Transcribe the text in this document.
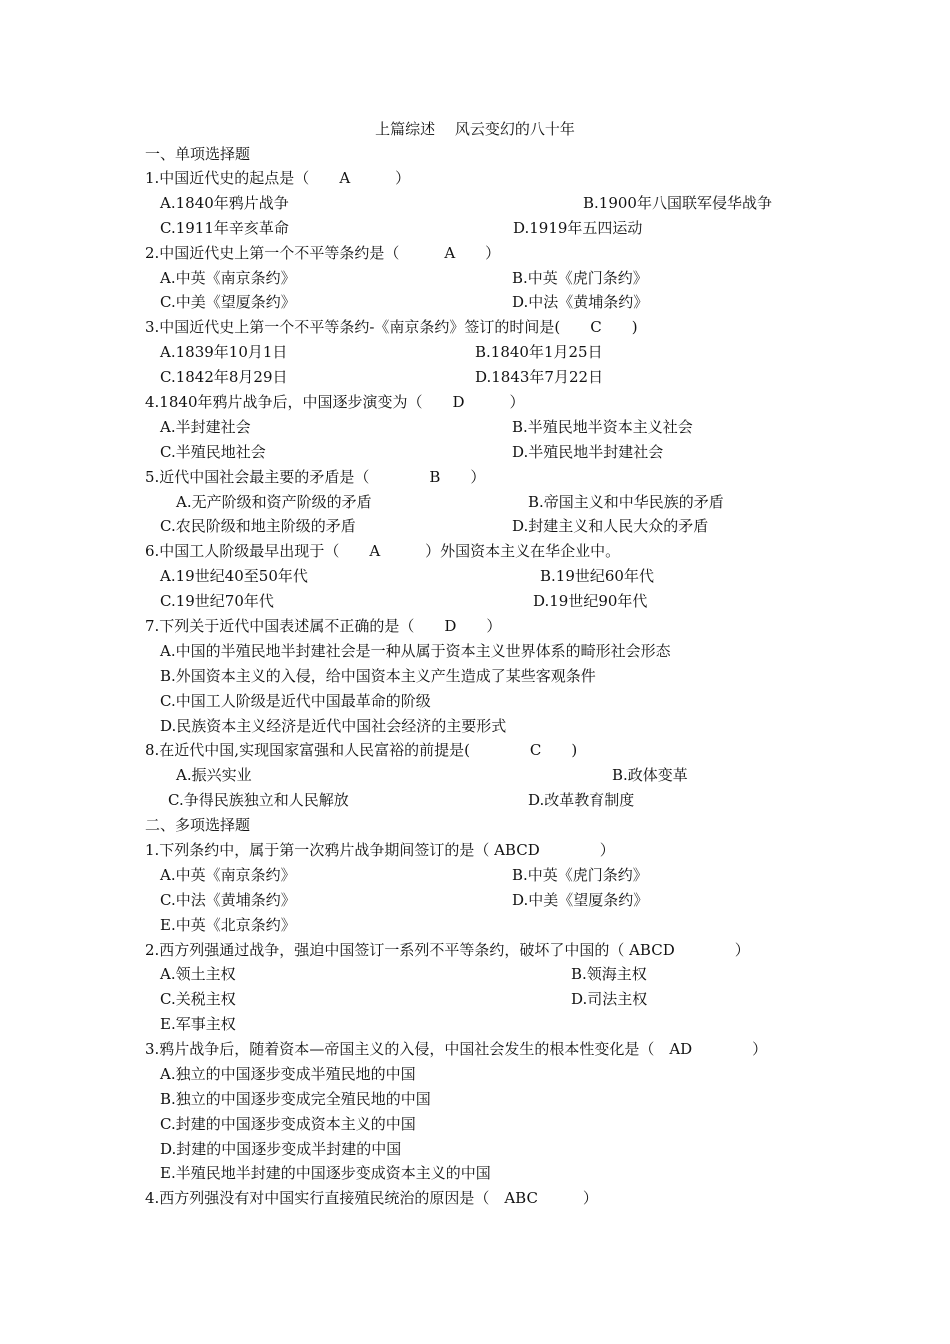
上篇综述　 风云变幻的八十年
一、单项选择题
1.中国近代史的起点是（　　A　　　）
A.1840年鸦片战争	B.1900年八国联军侵华战争
C.1911年辛亥革命	D.1919年五四运动
2.中国近代史上第一个不平等条约是（　　　A　　）
A.中英《南京条约》	B.中英《虎门条约》
C.中美《望厦条约》	D.中法《黄埔条约》
3.中国近代史上第一个不平等条约-《南京条约》签订的时间是(　　C　　)
A.1839年10月1日	B.1840年1月25日
C.1842年8月29日	D.1843年7月22日
4.1840年鸦片战争后，中国逐步演变为（　　D　　　）
A.半封建社会	B.半殖民地半资本主义社会
C.半殖民地社会	D.半殖民地半封建社会
5.近代中国社会最主要的矛盾是（　　　　B　　）
A.无产阶级和资产阶级的矛盾	B.帝国主义和中华民族的矛盾
C.农民阶级和地主阶级的矛盾	D.封建主义和人民大众的矛盾
6.中国工人阶级最早出现于（　　A　　　）外国资本主义在华企业中。
A.19世纪40至50年代	B.19世纪60年代
C.19世纪70年代	D.19世纪90年代
7.下列关于近代中国表述属不正确的是（　　D　　）
A.中国的半殖民地半封建社会是一种从属于资本主义世界体系的畸形社会形态
B.外国资本主义的入侵，给中国资本主义产生造成了某些客观条件
C.中国工人阶级是近代中国最革命的阶级
D.民族资本主义经济是近代中国社会经济的主要形式
8.在近代中国,实现国家富强和人民富裕的前提是(　　　　C　　)
A.振兴实业	B.政体变革
C.争得民族独立和人民解放	D.改革教育制度
二、多项选择题
1.下列条约中，属于第一次鸦片战争期间签订的是（ ABCD　　　　）
A.中英《南京条约》	B.中英《虎门条约》
C.中法《黄埔条约》	D.中美《望厦条约》
E.中英《北京条约》
2.西方列强通过战争，强迫中国签订一系列不平等条约，破坏了中国的（ ABCD　　　　）
A.领土主权	B.领海主权
C.关税主权	D.司法主权
E.军事主权
3.鸦片战争后，随着资本—帝国主义的入侵，中国社会发生的根本性变化是（　AD　　　　）
A.独立的中国逐步变成半殖民地的中国
B.独立的中国逐步变成完全殖民地的中国
C.封建的中国逐步变成资本主义的中国
D.封建的中国逐步变成半封建的中国
E.半殖民地半封建的中国逐步变成资本主义的中国
4.西方列强没有对中国实行直接殖民统治的原因是（　ABC　　　）
